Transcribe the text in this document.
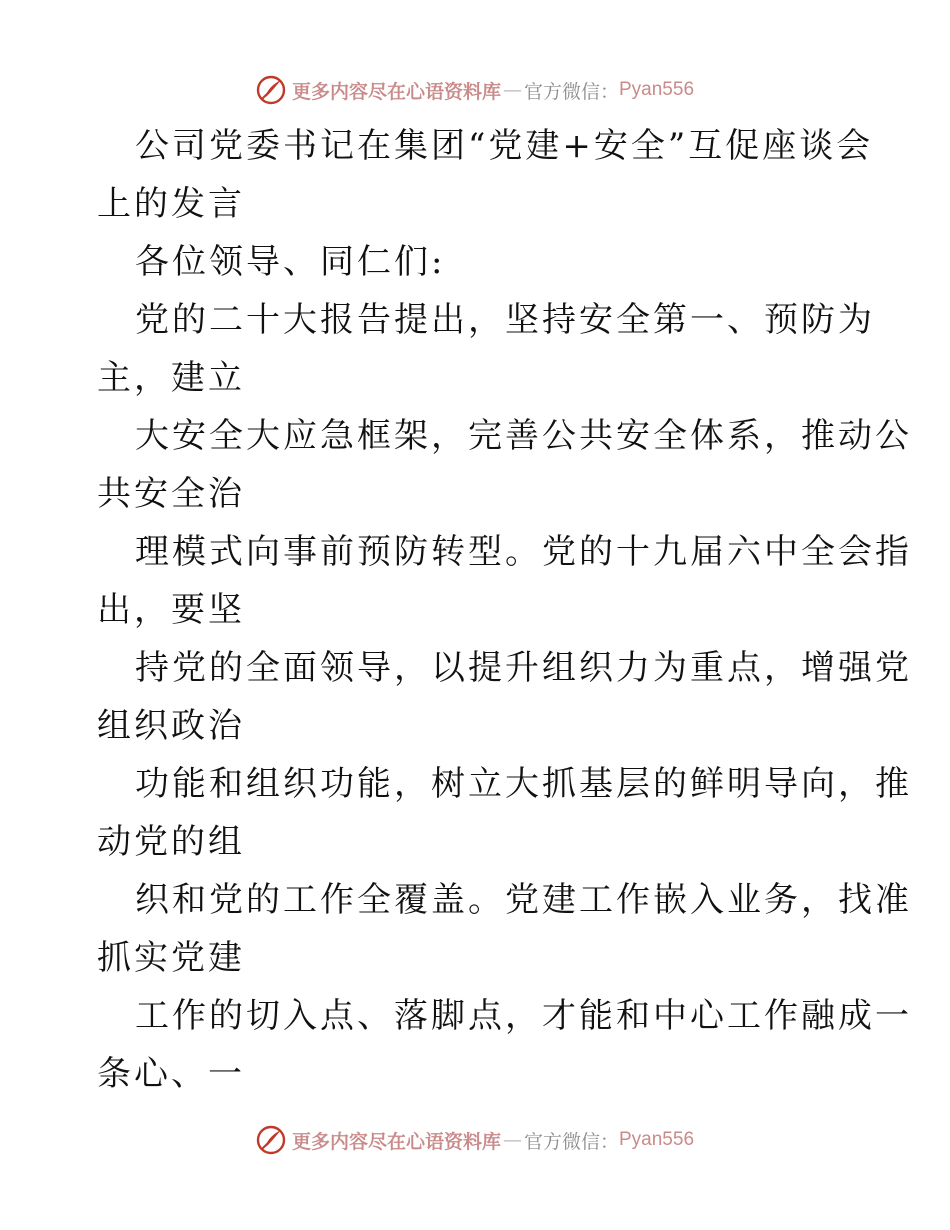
更多内容尽在心语资料库 — 官方微信： Pyan556
公司党委书记在集团“党建+安全”互促座谈会
上的发言
各位领导、同仁们:
党的二十大报告提出，坚持安全第一、预防为
主，建立
大安全大应急框架，完善公共安全体系，推动公
共安全治
理模式向事前预防转型。党的十九届六中全会指
出，要坚
持党的全面领导，以提升组织力为重点，增强党
组织政治
功能和组织功能，树立大抓基层的鲜明导向，推
动党的组
织和党的工作全覆盖。党建工作嵌入业务，找准
抓实党建
工作的切入点、落脚点，才能和中心工作融成一
条心、一
更多内容尽在心语资料库 — 官方微信： Pyan556
